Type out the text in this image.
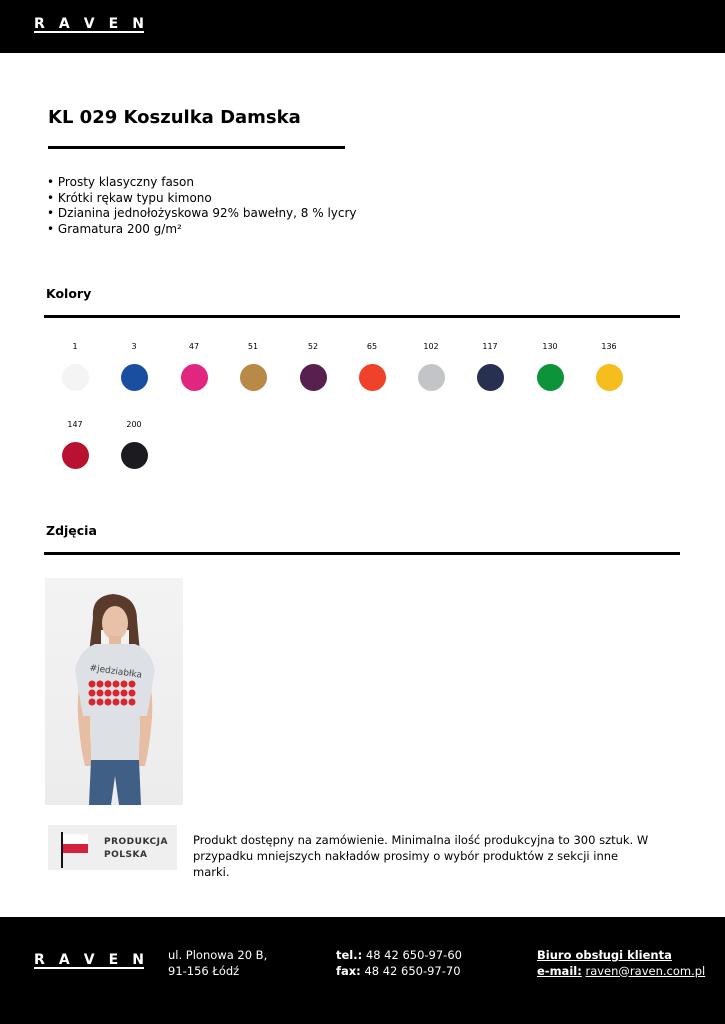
R A V E N
KL 029 Koszulka Damska
• Prosty klasyczny fason
• Krótki rękaw typu kimono
• Dzianina jednołożyskowa 92% bawełny, 8 % lycry
• Gramatura 200 g/m²
Kolory
1	3	47	51	52	65	102	117	130	136
147	200
Zdjęcia
#jedziabłka
PRODUKCJA
POLSKA

Produkt dostępny na zamówienie. Minimalna ilość produkcyjna to 300 sztuk. W przypadku mniejszych nakładów prosimy o wybór produktów z sekcji inne marki.

R A V E N ul. Plonowa 20 B,
91-156 Łódź
tel.: 48 42 650-97-60
fax: 48 42 650-97-70
Biuro obsługi klienta
e-mail: raven@raven.com.pl
